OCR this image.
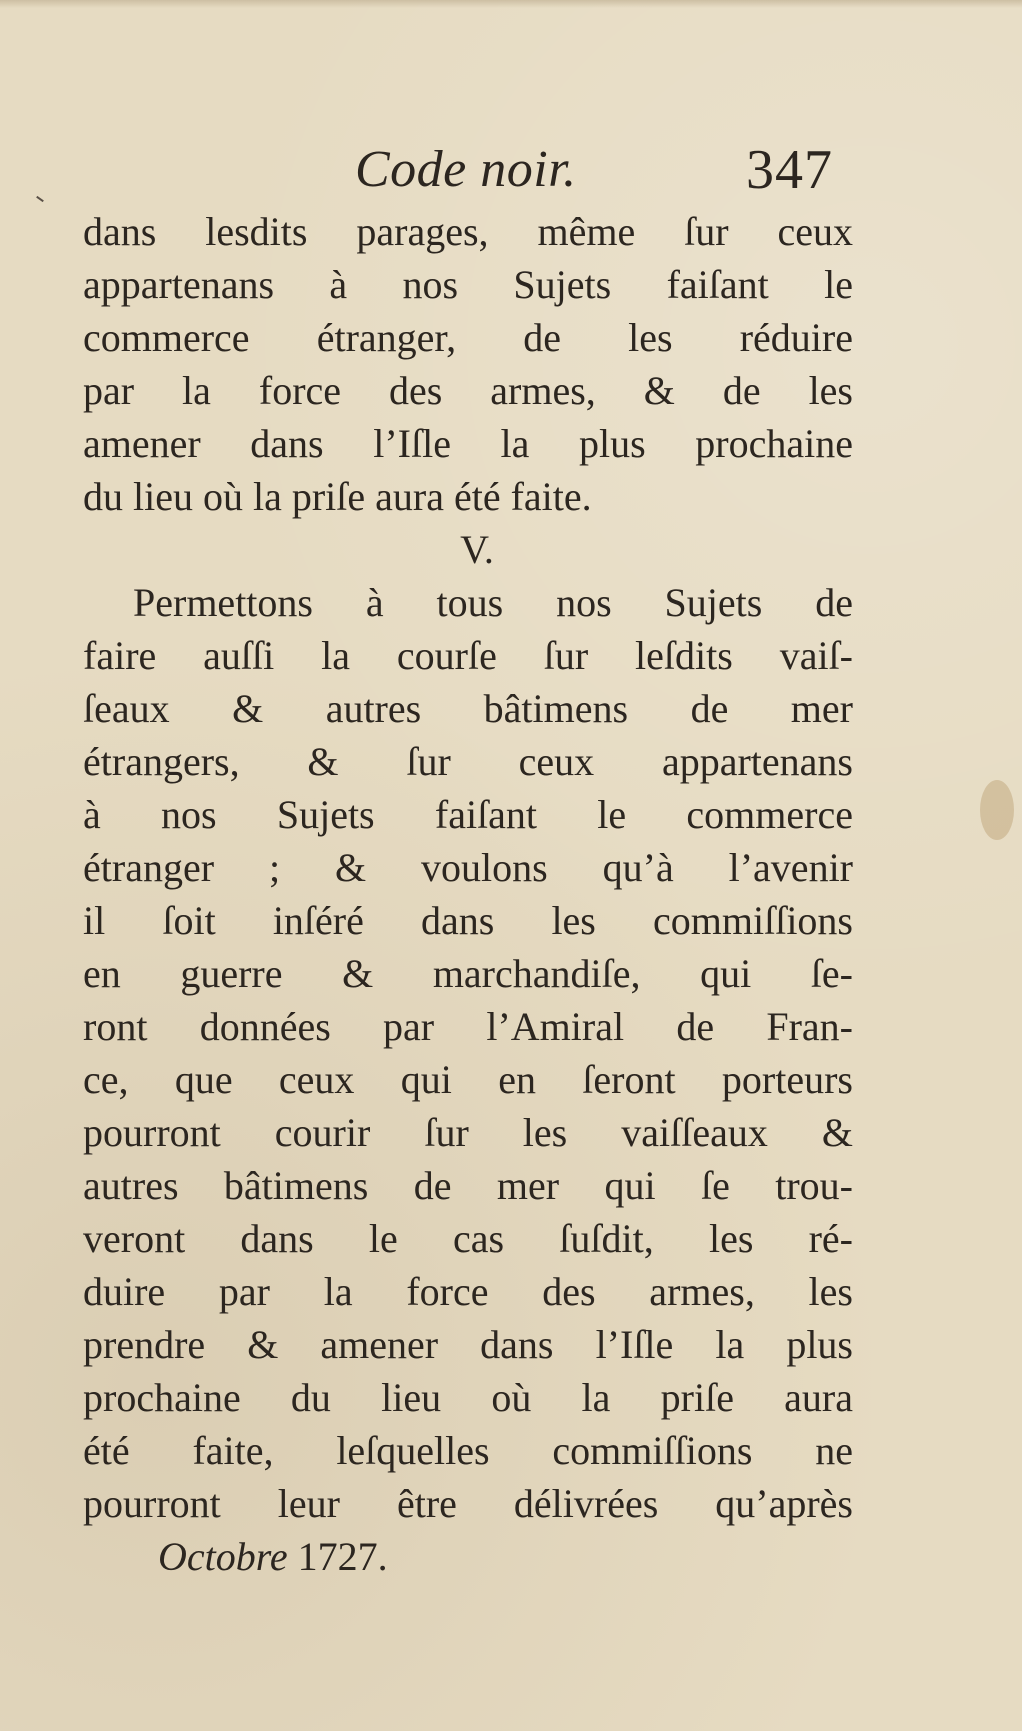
Code noir.	347
dans lesdits parages, même ſur ceux
appartenans à nos Sujets faiſant le
commerce étranger, de les réduire
par la force des armes, & de les
amener dans l’Iſle la plus prochaine
du lieu où la priſe aura été faite.
V.
Permettons à tous nos Sujets de
faire auſſi la courſe ſur leſdits vaiſ-
ſeaux & autres bâtimens de mer
étrangers, & ſur ceux appartenans
à nos Sujets faiſant le commerce
étranger ; & voulons qu’à l’avenir
il ſoit inſéré dans les commiſſions
en guerre & marchandiſe, qui ſe-
ront données par l’Amiral de Fran-
ce, que ceux qui en ſeront porteurs
pourront courir ſur les vaiſſeaux &
autres bâtimens de mer qui ſe trou-
veront dans le cas ſuſdit, les ré-
duire par la force des armes, les
prendre & amener dans l’Iſle la plus
prochaine du lieu où la priſe aura
été faite, leſquelles commiſſions ne
pourront leur être délivrées qu’après
Octobre 1727.
